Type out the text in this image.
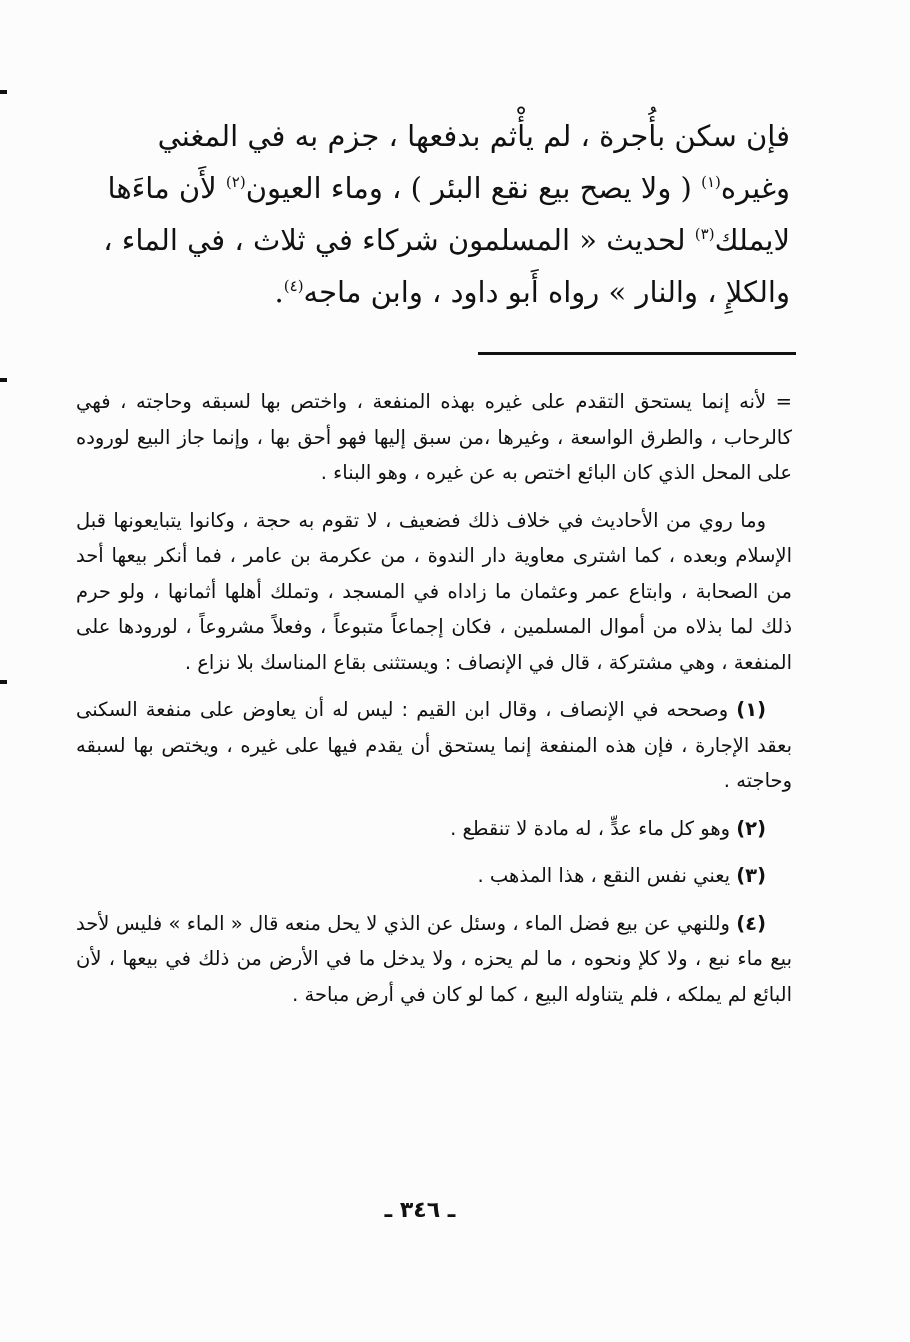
فإن سكن بأُجرة ، لم يأْثم بدفعها ، جزم به في المغني

وغيره$^{(١)}$ ( ولا يصح بيع نقع البئر ) ، وماء العيون$^{(٢)}$ لأَن ماءَها

لايملك$^{(٣)}$ لحديث « المسلمون شركاء في ثلاث ، في الماء ،

والكلإِ ، والنار » رواه أَبو داود ، وابن ماجه$^{(٤)}$.

= لأنه إنما يستحق التقدم على غيره بهذه المنفعة ، واختص بها لسبقه وحاجته ، فهي كالرحاب ، والطرق الواسعة ، وغيرها ،من سبق إليها فهو أحق بها ، وإنما جاز البيع لوروده على المحل الذي كان البائع اختص به عن غيره ، وهو البناء .

وما روي من الأحاديث في خلاف ذلك فضعيف ، لا تقوم به حجة ، وكانوا يتبايعونها قبل الإسلام وبعده ، كما اشترى معاوية دار الندوة ، من عكرمة بن عامر ، فما أنكر بيعها أحد من الصحابة ، وابتاع عمر وعثمان ما زاداه في المسجد ، وتملك أهلها أثمانها ، ولو حرم ذلك لما بذلاه من أموال المسلمين ، فكان إجماعاً متبوعاً ، وفعلاً مشروعاً ، لورودها على المنفعة ، وهي مشتركة ، قال في الإنصاف : ويستثنى بقاع المناسك بلا نزاع .

(١) وصححه في الإنصاف ، وقال ابن القيم : ليس له أن يعاوض على منفعة السكنى بعقد الإجارة ، فإن هذه المنفعة إنما يستحق أن يقدم فيها على غيره ، ويختص بها لسبقه وحاجته .

(٢) وهو كل ماء عدٍّ ، له مادة لا تنقطع .

(٣) يعني نفس النقع ، هذا المذهب .

(٤) وللنهي عن بيع فضل الماء ، وسئل عن الذي لا يحل منعه قال « الماء » فليس لأحد بيع ماء نبع ، ولا كلإ ونحوه ، ما لم يحزه ، ولا يدخل ما في الأرض من ذلك في بيعها ، لأن البائع لم يملكه ، فلم يتناوله البيع ، كما لو كان في أرض مباحة .

ـ ٣٤٦ ـ
